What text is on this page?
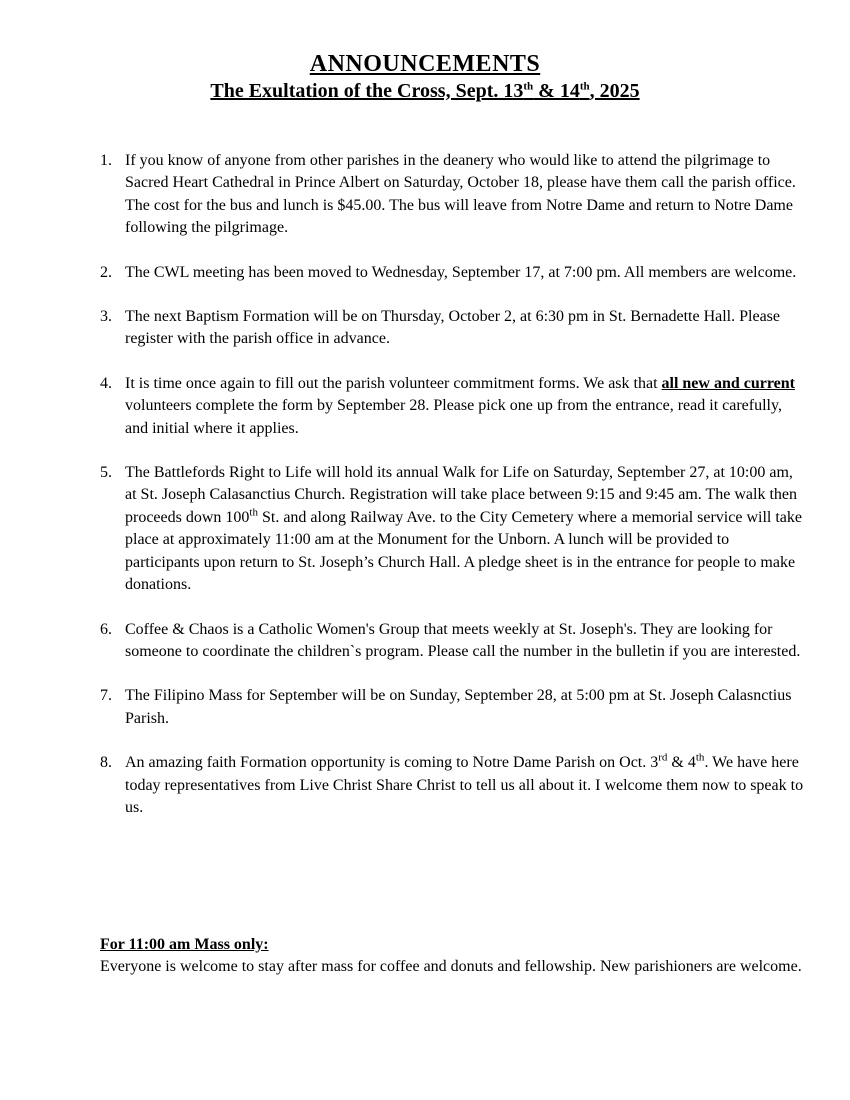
ANNOUNCEMENTS
The Exultation of the Cross, Sept. 13th & 14th, 2025
1. If you know of anyone from other parishes in the deanery who would like to attend the pilgrimage to Sacred Heart Cathedral in Prince Albert on Saturday, October 18, please have them call the parish office. The cost for the bus and lunch is $45.00. The bus will leave from Notre Dame and return to Notre Dame following the pilgrimage.
2. The CWL meeting has been moved to Wednesday, September 17, at 7:00 pm. All members are welcome.
3. The next Baptism Formation will be on Thursday, October 2, at 6:30 pm in St. Bernadette Hall. Please register with the parish office in advance.
4. It is time once again to fill out the parish volunteer commitment forms. We ask that all new and current volunteers complete the form by September 28. Please pick one up from the entrance, read it carefully, and initial where it applies.
5. The Battlefords Right to Life will hold its annual Walk for Life on Saturday, September 27, at 10:00 am, at St. Joseph Calasanctius Church. Registration will take place between 9:15 and 9:45 am. The walk then proceeds down 100th St. and along Railway Ave. to the City Cemetery where a memorial service will take place at approximately 11:00 am at the Monument for the Unborn. A lunch will be provided to participants upon return to St. Joseph’s Church Hall. A pledge sheet is in the entrance for people to make donations.
6. Coffee & Chaos is a Catholic Women's Group that meets weekly at St. Joseph's. They are looking for someone to coordinate the children`s program. Please call the number in the bulletin if you are interested.
7. The Filipino Mass for September will be on Sunday, September 28, at 5:00 pm at St. Joseph Calasnctius Parish.
8. An amazing faith Formation opportunity is coming to Notre Dame Parish on Oct. 3rd & 4th. We have here today representatives from Live Christ Share Christ to tell us all about it. I welcome them now to speak to us.
For 11:00 am Mass only:
Everyone is welcome to stay after mass for coffee and donuts and fellowship. New parishioners are welcome.
